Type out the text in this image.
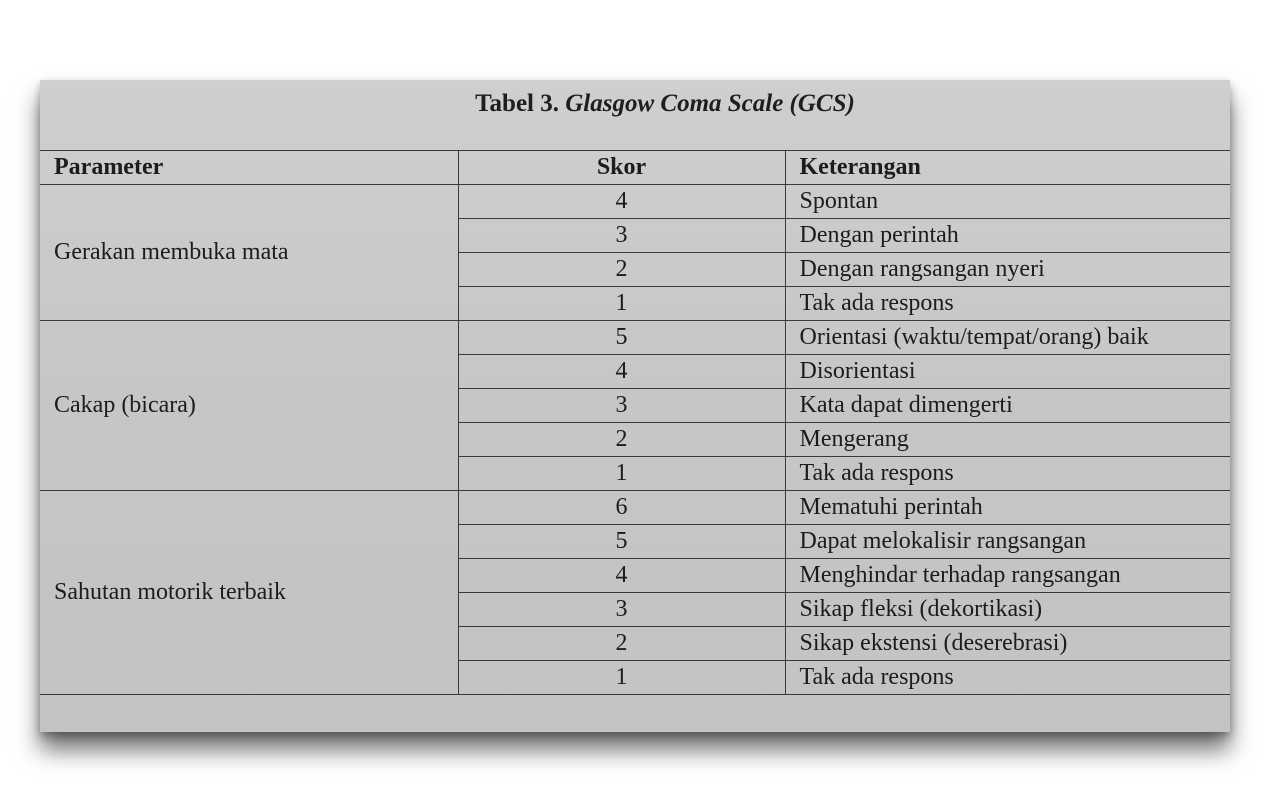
Tabel 3. Glasgow Coma Scale (GCS)
Parameter	Skor	Keterangan
Gerakan membuka mata	4	Spontan
	3	Dengan perintah
	2	Dengan rangsangan nyeri
	1	Tak ada respons
Cakap (bicara)	5	Orientasi (waktu/tempat/orang) baik
	4	Disorientasi
	3	Kata dapat dimengerti
	2	Mengerang
	1	Tak ada respons
Sahutan motorik terbaik	6	Mematuhi perintah
	5	Dapat melokalisir rangsangan
	4	Menghindar terhadap rangsangan
	3	Sikap fleksi (dekortikasi)
	2	Sikap ekstensi (deserebrasi)
	1	Tak ada respons
